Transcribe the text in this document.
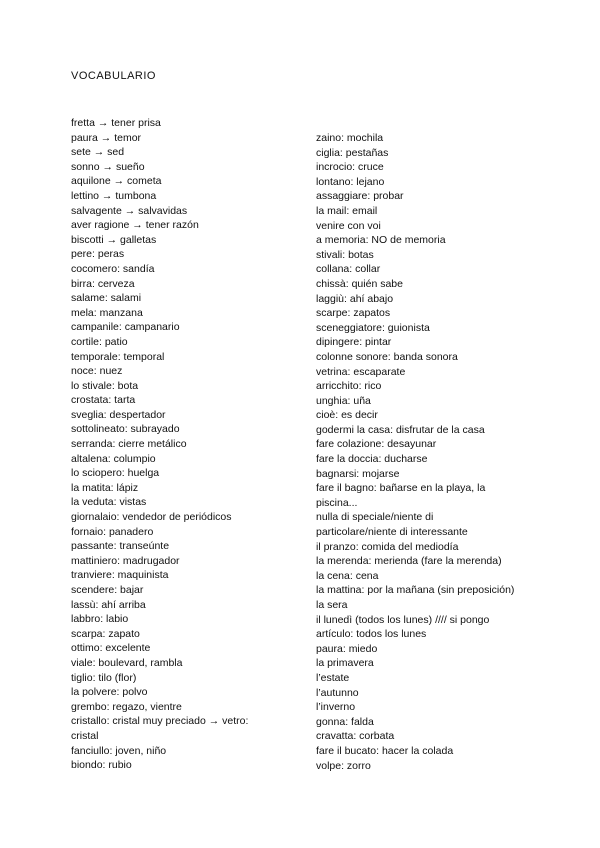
VOCABULARIO
fretta → tener prisa
paura → temor
sete → sed
sonno → sueño
aquilone → cometa
lettino → tumbona
salvagente → salvavidas
aver ragione → tener razón
biscotti → galletas
pere: peras
cocomero: sandía
birra: cerveza
salame: salami
mela: manzana
campanile: campanario
cortile: patio
temporale: temporal
noce: nuez
lo stivale: bota
crostata: tarta
sveglia: despertador
sottolineato: subrayado
serranda: cierre metálico
altalena: columpio
lo sciopero: huelga
la matita: lápiz
la veduta: vistas
giornalaio: vendedor de periódicos
fornaio: panadero
passante: transeúnte
mattiniero: madrugador
tranviere: maquinista
scendere: bajar
lassù: ahí arriba
labbro: labio
scarpa: zapato
ottimo: excelente
viale: boulevard, rambla
tiglio: tilo (flor)
la polvere: polvo
grembo: regazo, vientre
cristallo: cristal muy preciado → vetro:
cristal
fanciullo: joven, niño
biondo: rubio
zaino: mochila
ciglia: pestañas
incrocio: cruce
lontano: lejano
assaggiare: probar
la mail: email
venire con voi
a memoria: NO de memoria
stivali: botas
collana: collar
chissà: quién sabe
laggiù: ahí abajo
scarpe: zapatos
sceneggiatore: guionista
dipingere: pintar
colonne sonore: banda sonora
vetrina: escaparate
arricchito: rico
unghia: uña
cioè: es decir
godermi la casa: disfrutar de la casa
fare colazione: desayunar
fare la doccia: ducharse
bagnarsi: mojarse
fare il bagno: bañarse en la playa, la
piscina...
nulla di speciale/niente di
particolare/niente di interessante
il pranzo: comida del mediodía
la merenda: merienda (fare la merenda)
la cena: cena
la mattina: por la mañana (sin preposición)
la sera
il lunedì (todos los lunes) //// si pongo
artículo: todos los lunes
paura: miedo
la primavera
l’estate
l’autunno
l’inverno
gonna: falda
cravatta: corbata
fare il bucato: hacer la colada
volpe: zorro
